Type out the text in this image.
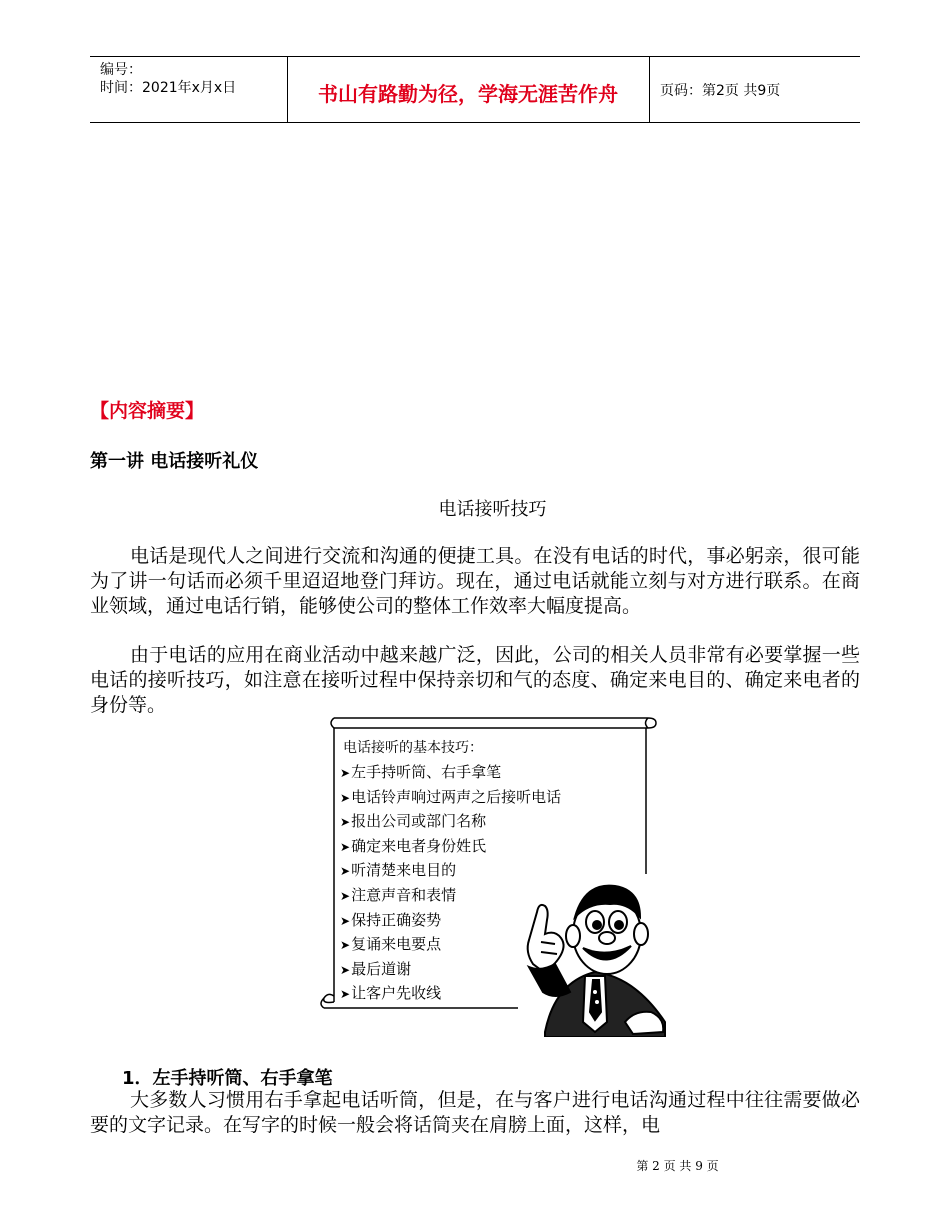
编号：
时间：2021年x月x日	书山有路勤为径，学海无涯苦作舟	页码：第2页 共9页
【内容摘要】
第一讲 电话接听礼仪
电话接听技巧

电话是现代人之间进行交流和沟通的便捷工具。在没有电话的时代，事必躬亲，很可能为了讲一句话而必须千里迢迢地登门拜访。现在，通过电话就能立刻与对方进行联系。在商业领域，通过电话行销，能够使公司的整体工作效率大幅度提高。

由于电话的应用在商业活动中越来越广泛，因此，公司的相关人员非常有必要掌握一些电话的接听技巧，如注意在接听过程中保持亲切和气的态度、确定来电目的、确定来电者的身份等。

电话接听的基本技巧：
➤左手持听筒、右手拿笔
➤电话铃声响过两声之后接听电话
➤报出公司或部门名称
➤确定来电者身份姓氏
➤听清楚来电目的
➤注意声音和表情
➤保持正确姿势
➤复诵来电要点
➤最后道谢
➤让客户先收线
1．左手持听筒、右手拿笔

大多数人习惯用右手拿起电话听筒，但是，在与客户进行电话沟通过程中往往需要做必要的文字记录。在写字的时候一般会将话筒夹在肩膀上面，这样，电

第 2 页 共 9 页
